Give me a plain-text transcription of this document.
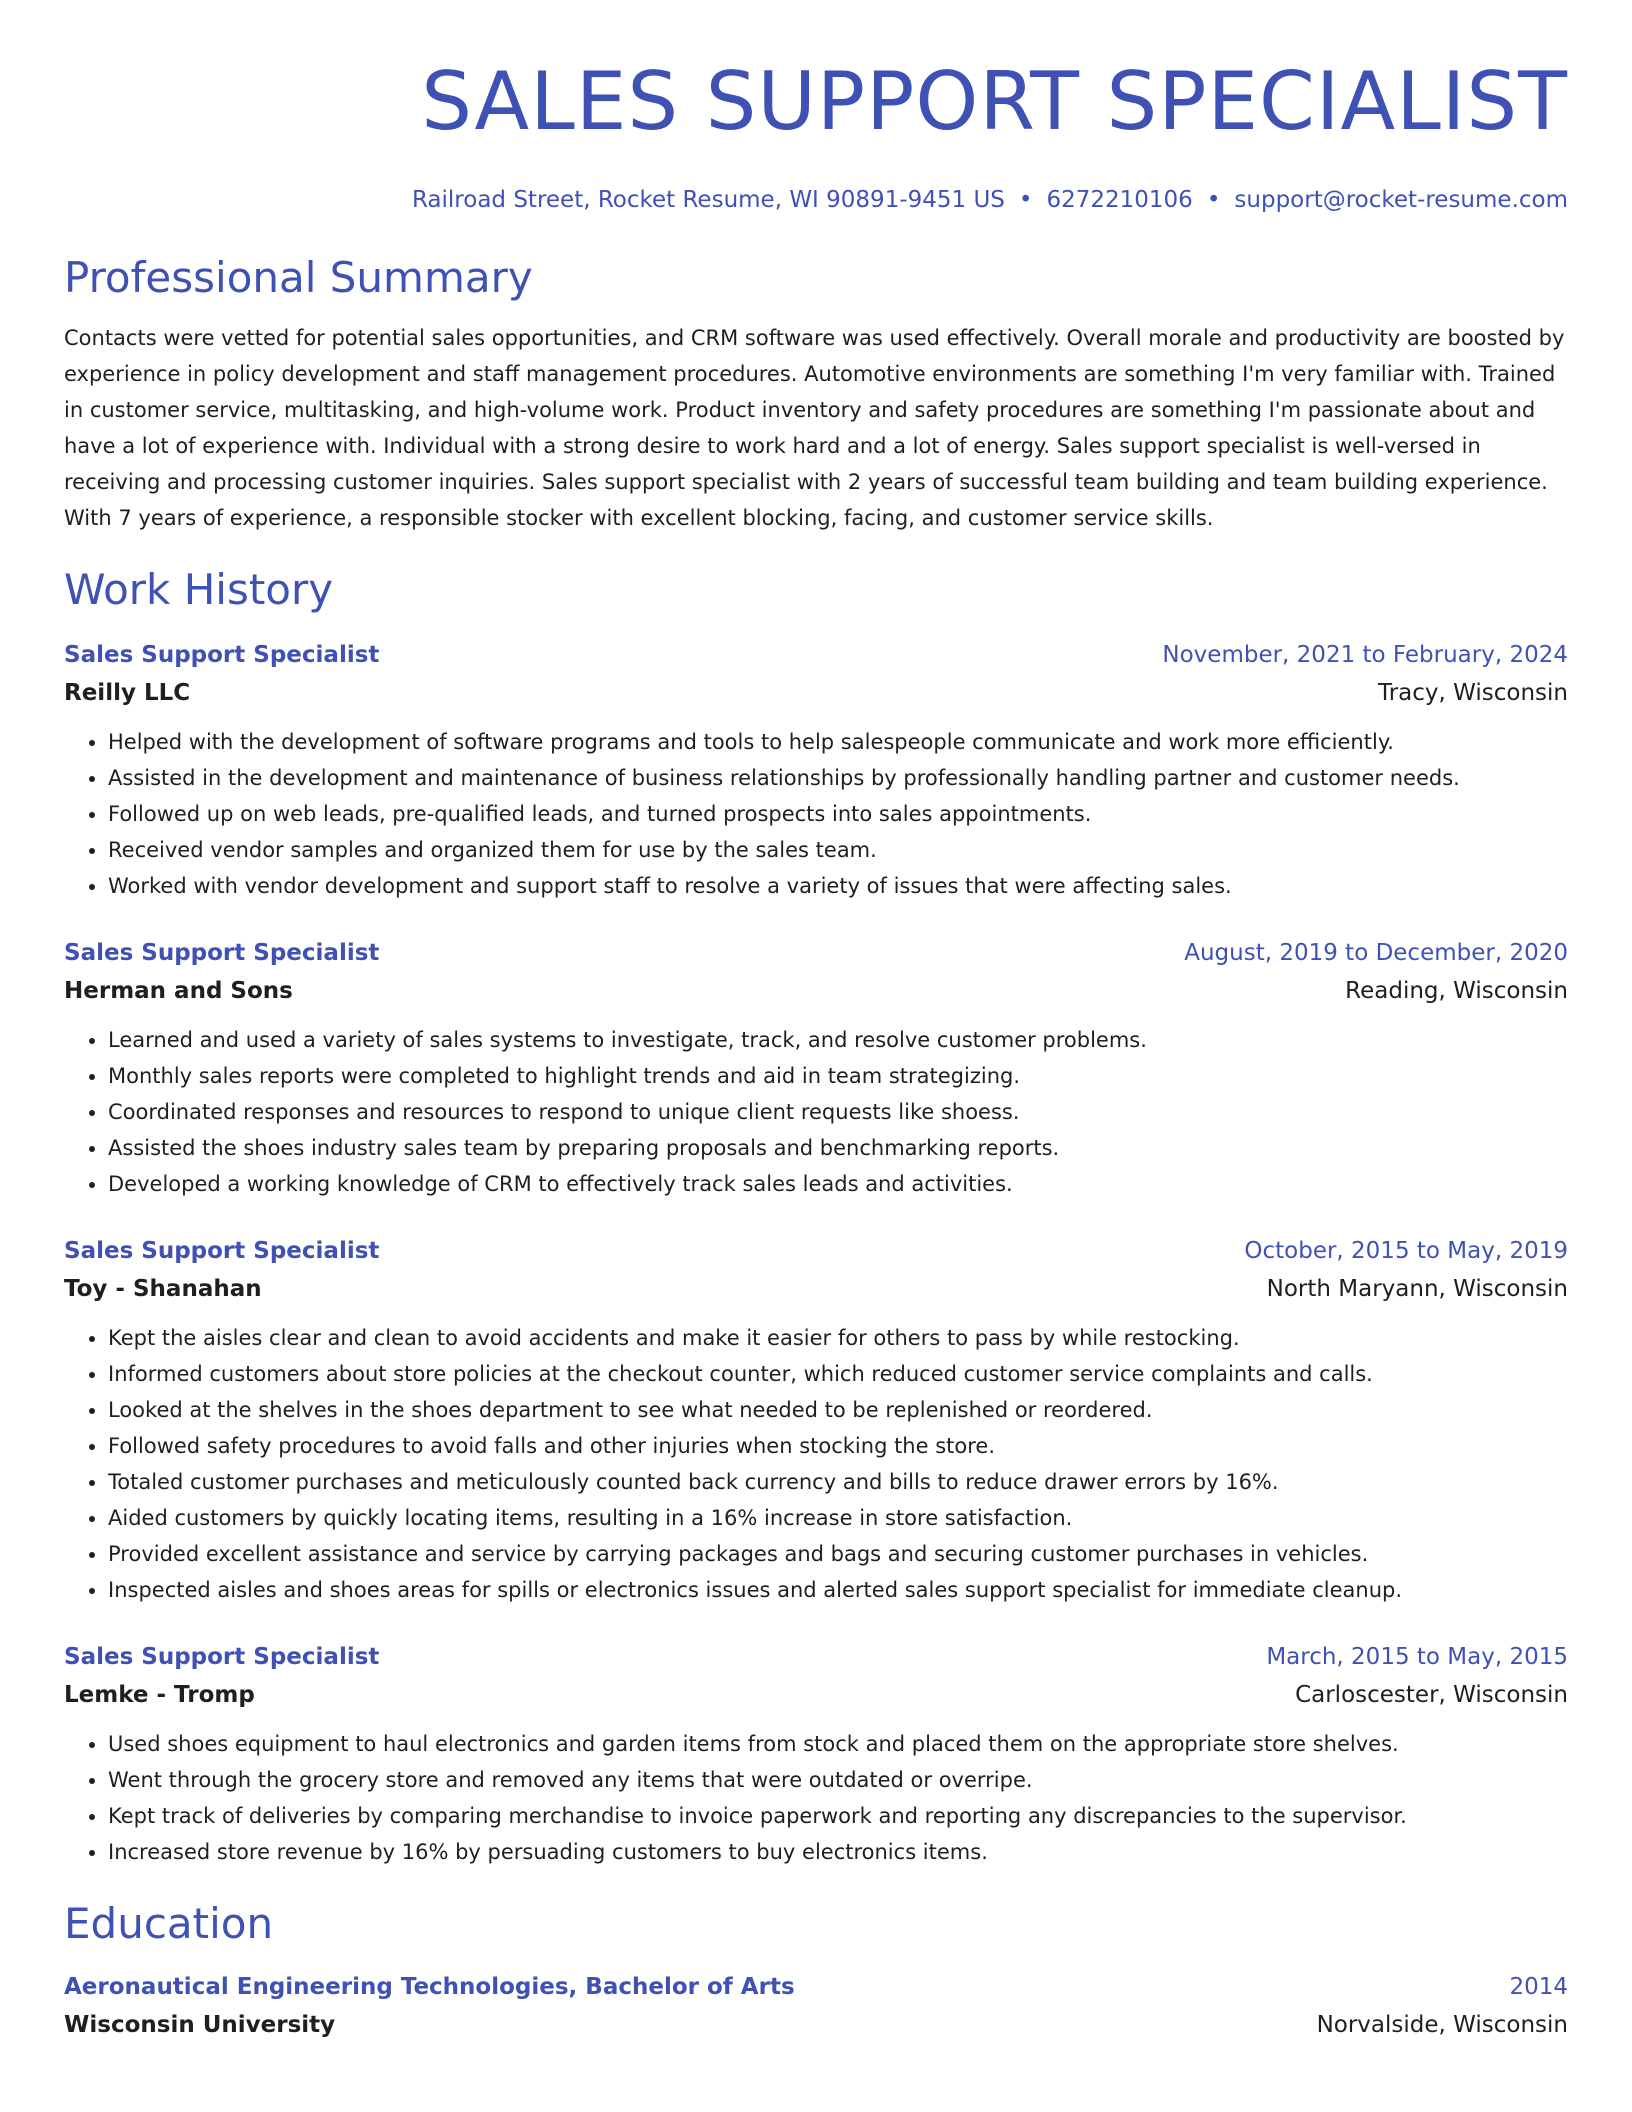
SALES SUPPORT SPECIALIST
Railroad Street, Rocket Resume, WI 90891-9451 US • 6272210106 • support@rocket-resume.com
Professional Summary
Contacts were vetted for potential sales opportunities, and CRM software was used effectively. Overall morale and productivity are boosted by experience in policy development and staff management procedures. Automotive environments are something I'm very familiar with. Trained in customer service, multitasking, and high-volume work. Product inventory and safety procedures are something I'm passionate about and have a lot of experience with. Individual with a strong desire to work hard and a lot of energy. Sales support specialist is well-versed in receiving and processing customer inquiries. Sales support specialist with 2 years of successful team building and team building experience. With 7 years of experience, a responsible stocker with excellent blocking, facing, and customer service skills.
Work History
Sales Support Specialist	November, 2021 to February, 2024
Reilly LLC	Tracy, Wisconsin
• Helped with the development of software programs and tools to help salespeople communicate and work more efficiently.
• Assisted in the development and maintenance of business relationships by professionally handling partner and customer needs.
• Followed up on web leads, pre-qualified leads, and turned prospects into sales appointments.
• Received vendor samples and organized them for use by the sales team.
• Worked with vendor development and support staff to resolve a variety of issues that were affecting sales.
Sales Support Specialist	August, 2019 to December, 2020
Herman and Sons	Reading, Wisconsin
• Learned and used a variety of sales systems to investigate, track, and resolve customer problems.
• Monthly sales reports were completed to highlight trends and aid in team strategizing.
• Coordinated responses and resources to respond to unique client requests like shoess.
• Assisted the shoes industry sales team by preparing proposals and benchmarking reports.
• Developed a working knowledge of CRM to effectively track sales leads and activities.
Sales Support Specialist	October, 2015 to May, 2019
Toy - Shanahan	North Maryann, Wisconsin
• Kept the aisles clear and clean to avoid accidents and make it easier for others to pass by while restocking.
• Informed customers about store policies at the checkout counter, which reduced customer service complaints and calls.
• Looked at the shelves in the shoes department to see what needed to be replenished or reordered.
• Followed safety procedures to avoid falls and other injuries when stocking the store.
• Totaled customer purchases and meticulously counted back currency and bills to reduce drawer errors by 16%.
• Aided customers by quickly locating items, resulting in a 16% increase in store satisfaction.
• Provided excellent assistance and service by carrying packages and bags and securing customer purchases in vehicles.
• Inspected aisles and shoes areas for spills or electronics issues and alerted sales support specialist for immediate cleanup.
Sales Support Specialist	March, 2015 to May, 2015
Lemke - Tromp	Carloscester, Wisconsin
• Used shoes equipment to haul electronics and garden items from stock and placed them on the appropriate store shelves.
• Went through the grocery store and removed any items that were outdated or overripe.
• Kept track of deliveries by comparing merchandise to invoice paperwork and reporting any discrepancies to the supervisor.
• Increased store revenue by 16% by persuading customers to buy electronics items.
Education
Aeronautical Engineering Technologies, Bachelor of Arts	2014
Wisconsin University	Norvalside, Wisconsin
